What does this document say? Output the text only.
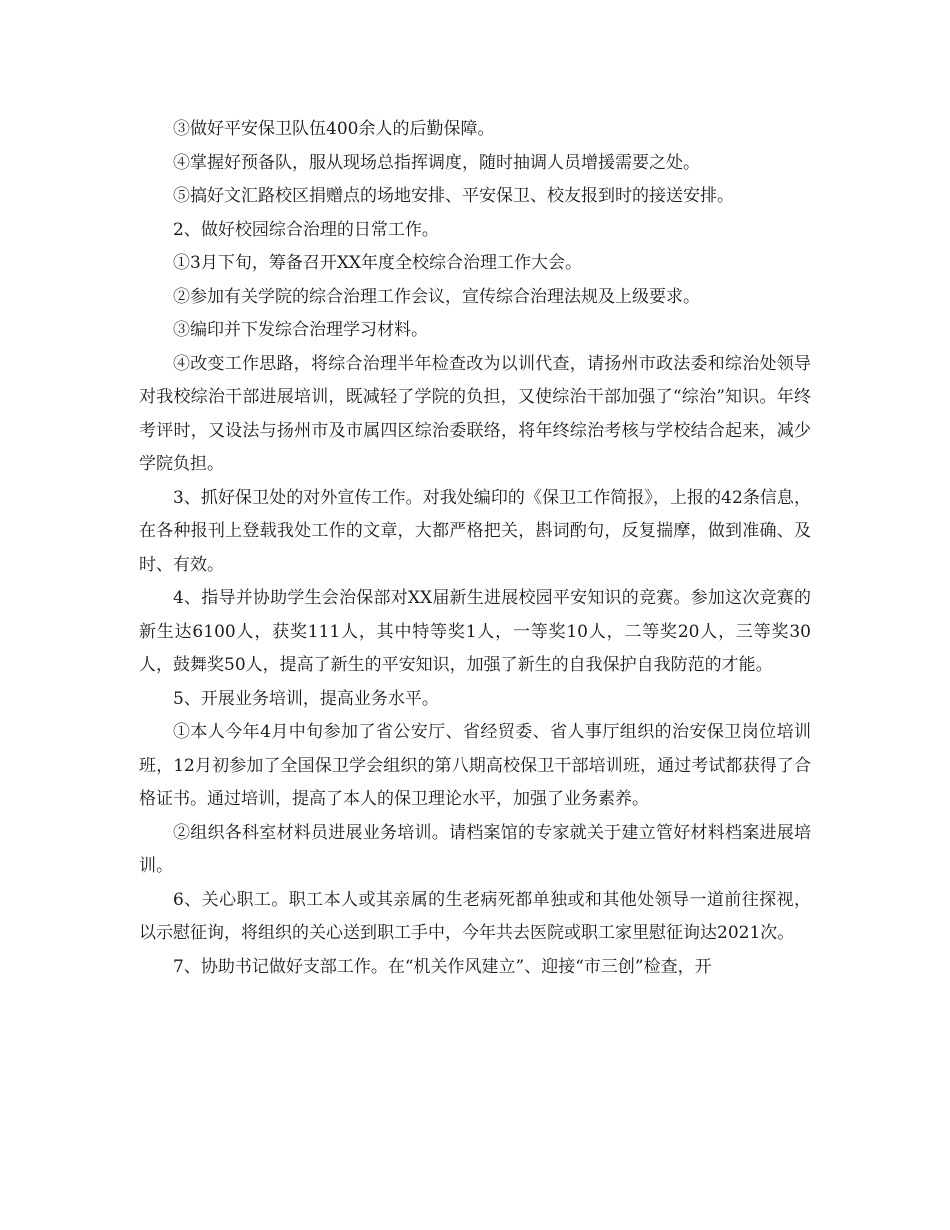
③做好平安保卫队伍400余人的后勤保障。

④掌握好预备队，服从现场总指挥调度，随时抽调人员增援需要之处。

⑤搞好文汇路校区捐赠点的场地安排、平安保卫、校友报到时的接送安排。

2、做好校园综合治理的日常工作。

①3月下旬，筹备召开XX年度全校综合治理工作大会。

②参加有关学院的综合治理工作会议，宣传综合治理法规及上级要求。

③编印并下发综合治理学习材料。

④改变工作思路，将综合治理半年检查改为以训代查，请扬州市政法委和综治处领导对我校综治干部进展培训，既减轻了学院的负担，又使综治干部加强了“综治”知识。年终考评时，又设法与扬州市及市属四区综治委联络，将年终综治考核与学校结合起来，减少学院负担。

3、抓好保卫处的对外宣传工作。对我处编印的《保卫工作简报》，上报的42条信息，在各种报刊上登载我处工作的文章，大都严格把关，斟词酌句，反复揣摩，做到准确、及时、有效。

4、指导并协助学生会治保部对XX届新生进展校园平安知识的竞赛。参加这次竞赛的新生达6100人，获奖111人，其中特等奖1人，一等奖10人，二等奖20人，三等奖30人，鼓舞奖50人，提高了新生的平安知识，加强了新生的自我保护自我防范的才能。

5、开展业务培训，提高业务水平。

①本人今年4月中旬参加了省公安厅、省经贸委、省人事厅组织的治安保卫岗位培训班，12月初参加了全国保卫学会组织的第八期高校保卫干部培训班，通过考试都获得了合格证书。通过培训，提高了本人的保卫理论水平，加强了业务素养。

②组织各科室材料员进展业务培训。请档案馆的专家就关于建立管好材料档案进展培训。

6、关心职工。职工本人或其亲属的生老病死都单独或和其他处领导一道前往探视，以示慰征询，将组织的关心送到职工手中，今年共去医院或职工家里慰征询达2021次。

7、协助书记做好支部工作。在“机关作风建立”、迎接“市三创”检查，开
